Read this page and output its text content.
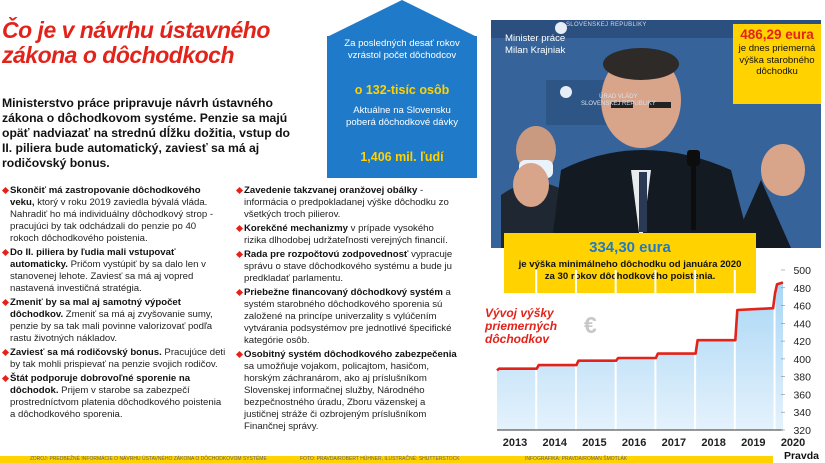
Čo je v návrhu ústavného
zákona o dôchodkoch

Ministerstvo práce pripravuje návrh ústavného zákona o dôchodkovom systéme. Penzie sa majú opäť nadviazať na strednú dĺžku dožitia, vstup do II. piliera bude automatický, zaviesť sa má aj rodičovský bonus.

Skončiť má zastropovanie dôchodkového veku, ktorý v roku 2019 zaviedla bývalá vláda. Nahradiť ho má individuálny dôchodkový strop - pracujúci by tak odchádzali do penzie po 40 rokoch dôchodkového poistenia.
Do II. piliera by ľudia mali vstupovať automaticky. Pričom vystúpiť by sa dalo len v stanovenej lehote. Zaviesť sa má aj vopred nastavená investičná stratégia.
Zmeniť by sa mal aj samotný výpočet dôchodkov. Zmeniť sa má aj zvyšovanie sumy, penzie by sa tak mali povinne valorizovať podľa rastu životných nákladov.
Zaviesť sa má rodičovský bonus. Pracujúce deti by tak mohli prispievať na penzie svojich rodičov.
Štát podporuje dobrovoľné sporenie na dôchodok. Prijem v starobe sa zabezpečí prostredníctvom platenia dôchodkového poistenia a dôchodkového sporenia.
Zavedenie takzvanej oranžovej obálky - informácia o predpokladanej výške dôchodku zo všetkých troch pilierov.
Korekčné mechanizmy v prípade vysokého rizika dlhodobej udržateľnosti verejných financií.
Rada pre rozpočtovú zodpovednosť vypracuje správu o stave dôchodkového systému a bude ju predkladať parlamentu.
Priebežne financovaný dôchodkový systém a systém starobného dôchodkového sporenia sú založené na princípe univerzality s vylúčením vytvárania podsystémov pre jednotlivé špecifické kategórie osôb.
Osobitný systém dôchodkového zabezpečenia sa umožňuje vojakom, policajtom, hasičom, horským záchranárom, ako aj príslušníkom Slovenskej informačnej služby, Národného bezpečnostného úradu, Zboru väzenskej a justičnej stráže či ozbrojeným príslušníkom Finančnej správy.
Za posledných desať rokov vzrástol počet dôchodcov
o 132-tisíc osôb
Aktuálne na Slovensku poberá dôchodkové dávky
1,406 mil. ľudí
SLOVENSKEJ REPUBLIKY
ÚRAD VLÁDY
SLOVENSKEJ REPUBLIKY
Minister práce
Milan Krajniak
486,29 eura
je dnes priemerná výška starobného dôchodku
334,30 eura
je výška minimálneho dôchodku od januára 2020 za 30 rokov dôchodkového poistenia.
2013 2014 2015 2016 2017 2018 2019 2020
320
340
360
380
400
420
440
460
480
500
Vývoj výšky priemerných dôchodkov
€
ZDROJ: PREDBEŽNÉ INFORMÁCIE O NÁVRHU ÚSTAVNÉHO ZÁKONA O DÔCHODKOVOM SYSTÉME	FOTO: PRAVDA/ROBERT HÜHNER, ILUSTRAČNÉ: SHUTTERSTOCK	INFOGRAFIKA: PRAVDA/ROMAN ŠMOTLÁK	Pravda
